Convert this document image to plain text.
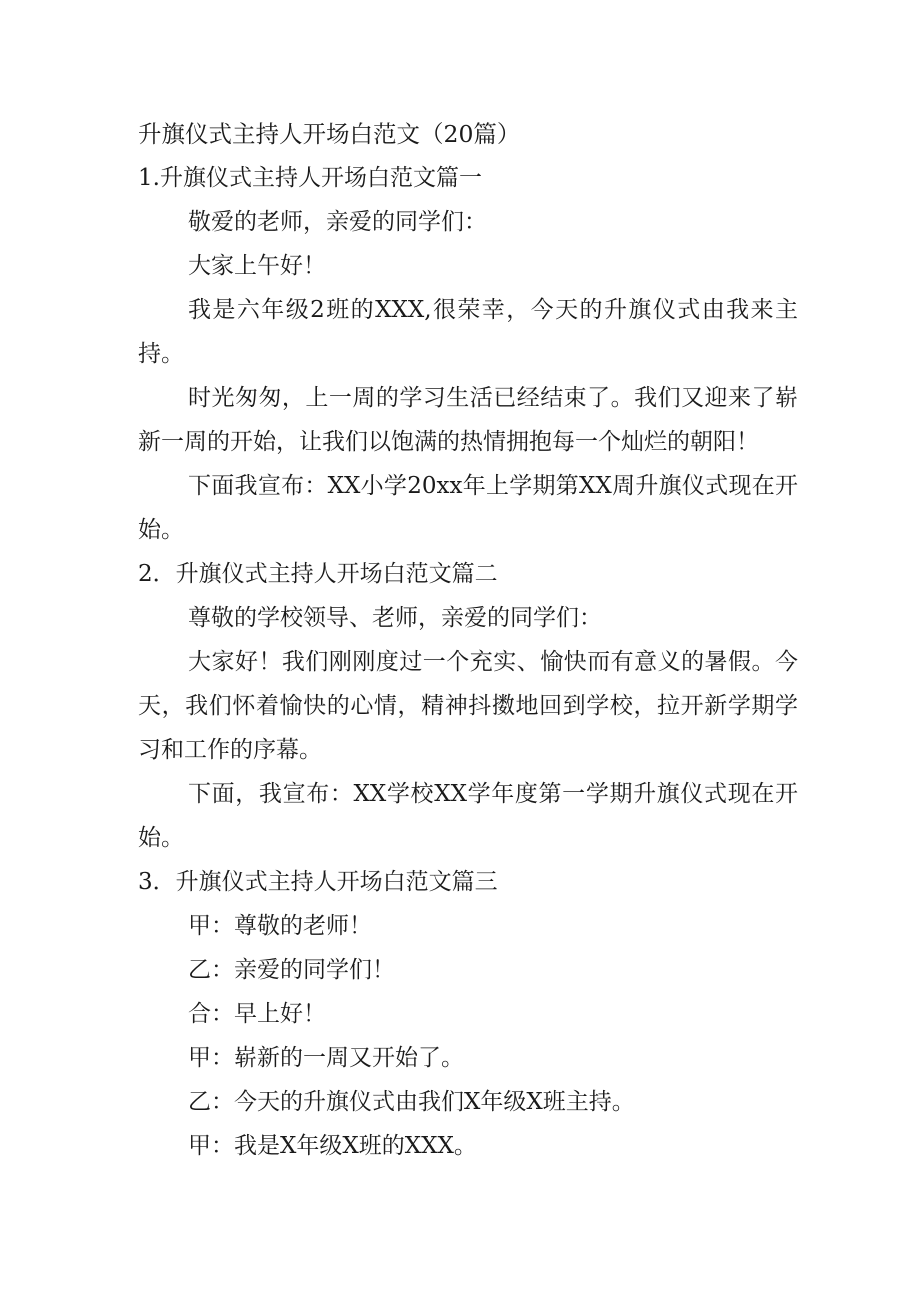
升旗仪式主持人开场白范文（20篇）

1.升旗仪式主持人开场白范文篇一

敬爱的老师，亲爱的同学们：

大家上午好！

我是六年级2班的XXX,很荣幸，今天的升旗仪式由我来主持。

时光匆匆，上一周的学习生活已经结束了。我们又迎来了崭新一周的开始，让我们以饱满的热情拥抱每一个灿烂的朝阳！

下面我宣布：XX小学20xx年上学期第XX周升旗仪式现在开始。

2．升旗仪式主持人开场白范文篇二

尊敬的学校领导、老师，亲爱的同学们：

大家好！我们刚刚度过一个充实、愉快而有意义的暑假。今天，我们怀着愉快的心情，精神抖擞地回到学校，拉开新学期学习和工作的序幕。

下面，我宣布：XX学校XX学年度第一学期升旗仪式现在开始。

3．升旗仪式主持人开场白范文篇三

甲：尊敬的老师！

乙：亲爱的同学们！

合：早上好！

甲：崭新的一周又开始了。

乙：今天的升旗仪式由我们X年级X班主持。

甲：我是X年级X班的XXX。
